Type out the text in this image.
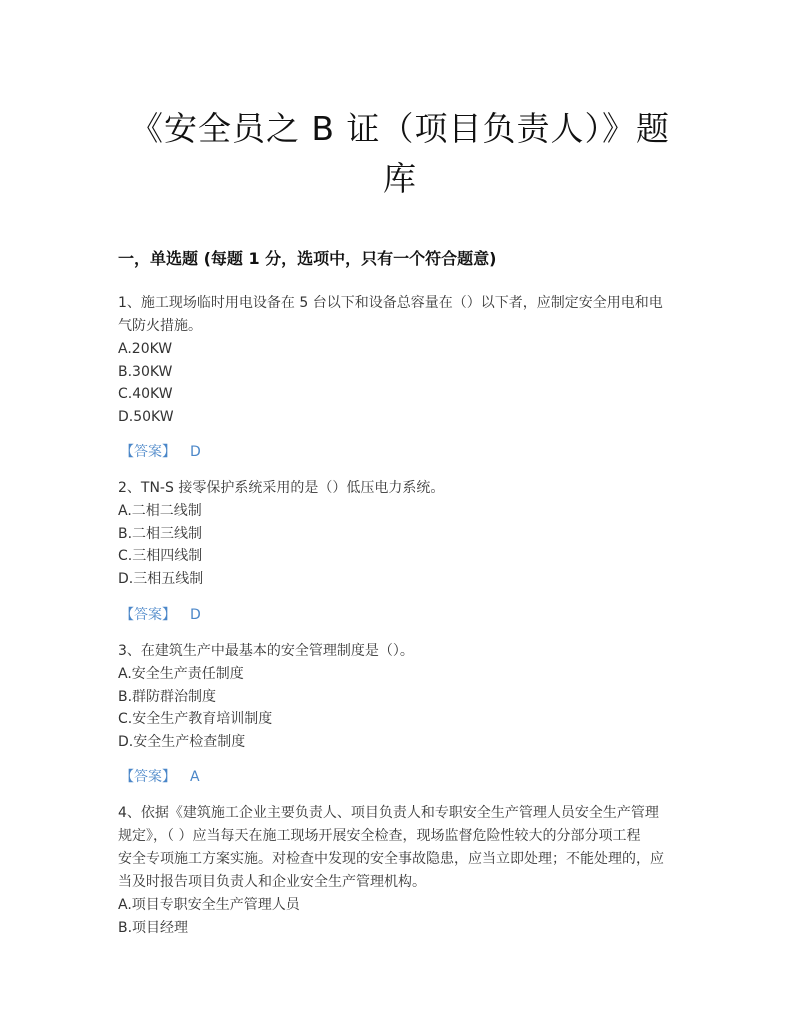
《安全员之 B 证（项目负责人）》题
库
一，单选题 (每题 1 分，选项中，只有一个符合题意)

1、施工现场临时用电设备在 5 台以下和设备总容量在（）以下者，应制定安全用电和电

气防火措施。

A.20KW

B.30KW

C.40KW

D.50KW

【答案】 D

2、TN-S 接零保护系统采用的是（）低压电力系统。

A.二相二线制

B.二相三线制

C.三相四线制

D.三相五线制

【答案】 D

3、在建筑生产中最基本的安全管理制度是（）。

A.安全生产责任制度

B.群防群治制度

C.安全生产教育培训制度

D.安全生产检查制度

【答案】 A

4、依据《建筑施工企业主要负责人、项目负责人和专职安全生产管理人员安全生产管理

规定》，（ ）应当每天在施工现场开展安全检查，现场监督危险性较大的分部分项工程

安全专项施工方案实施。对检查中发现的安全事故隐患，应当立即处理；不能处理的，应

当及时报告项目负责人和企业安全生产管理机构。

A.项目专职安全生产管理人员

B.项目经理
